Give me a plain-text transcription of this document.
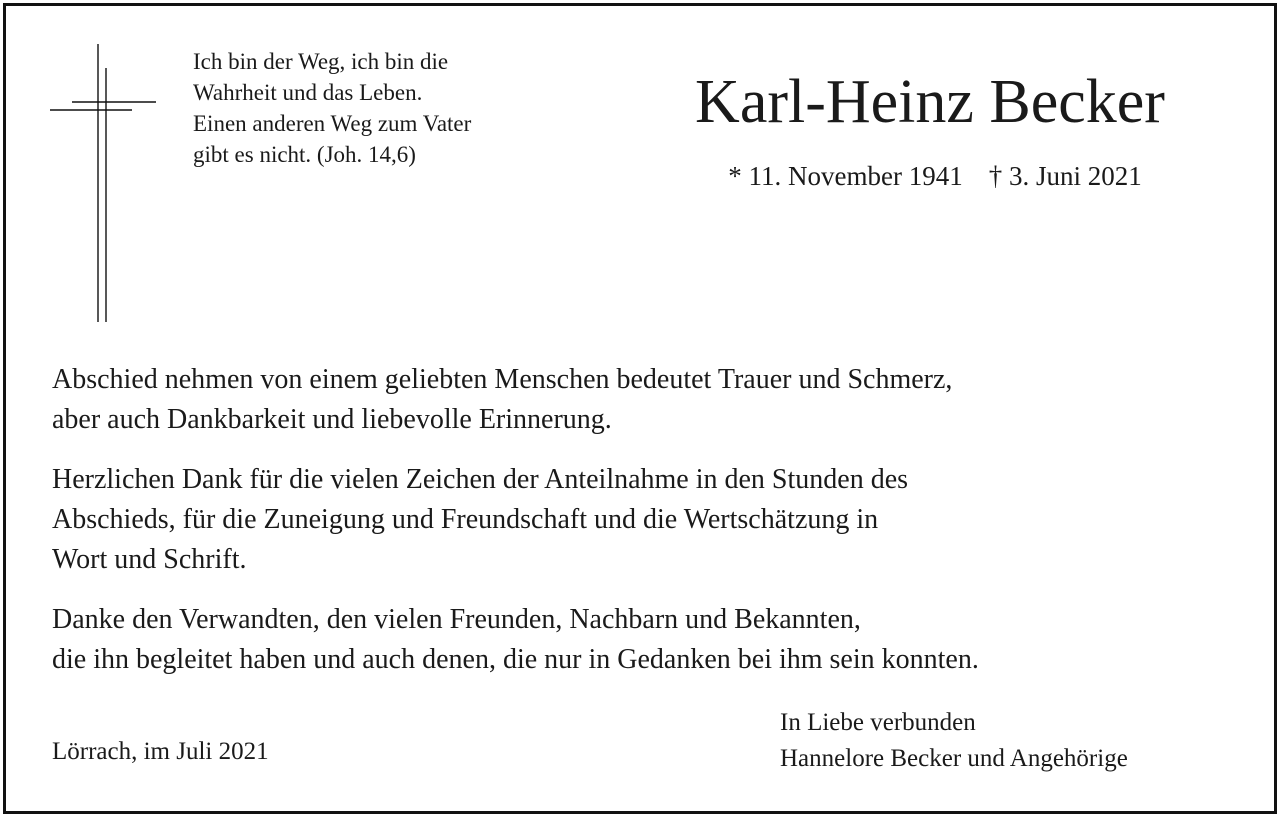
Ich bin der Weg, ich bin die
Wahrheit und das Leben.
Einen anderen Weg zum Vater
gibt es nicht. (Joh. 14,6)
Karl-Heinz Becker
* 11. November 1941 † 3. Juni 2021

Abschied nehmen von einem geliebten Menschen bedeutet Trauer und Schmerz,
aber auch Dankbarkeit und liebevolle Erinnerung.

Herzlichen Dank für die vielen Zeichen der Anteilnahme in den Stunden des
Abschieds, für die Zuneigung und Freundschaft und die Wertschätzung in
Wort und Schrift.

Danke den Verwandten, den vielen Freunden, Nachbarn und Bekannten,
die ihn begleitet haben und auch denen, die nur in Gedanken bei ihm sein konnten.

Lörrach, im Juli 2021
In Liebe verbunden
Hannelore Becker und Angehörige
